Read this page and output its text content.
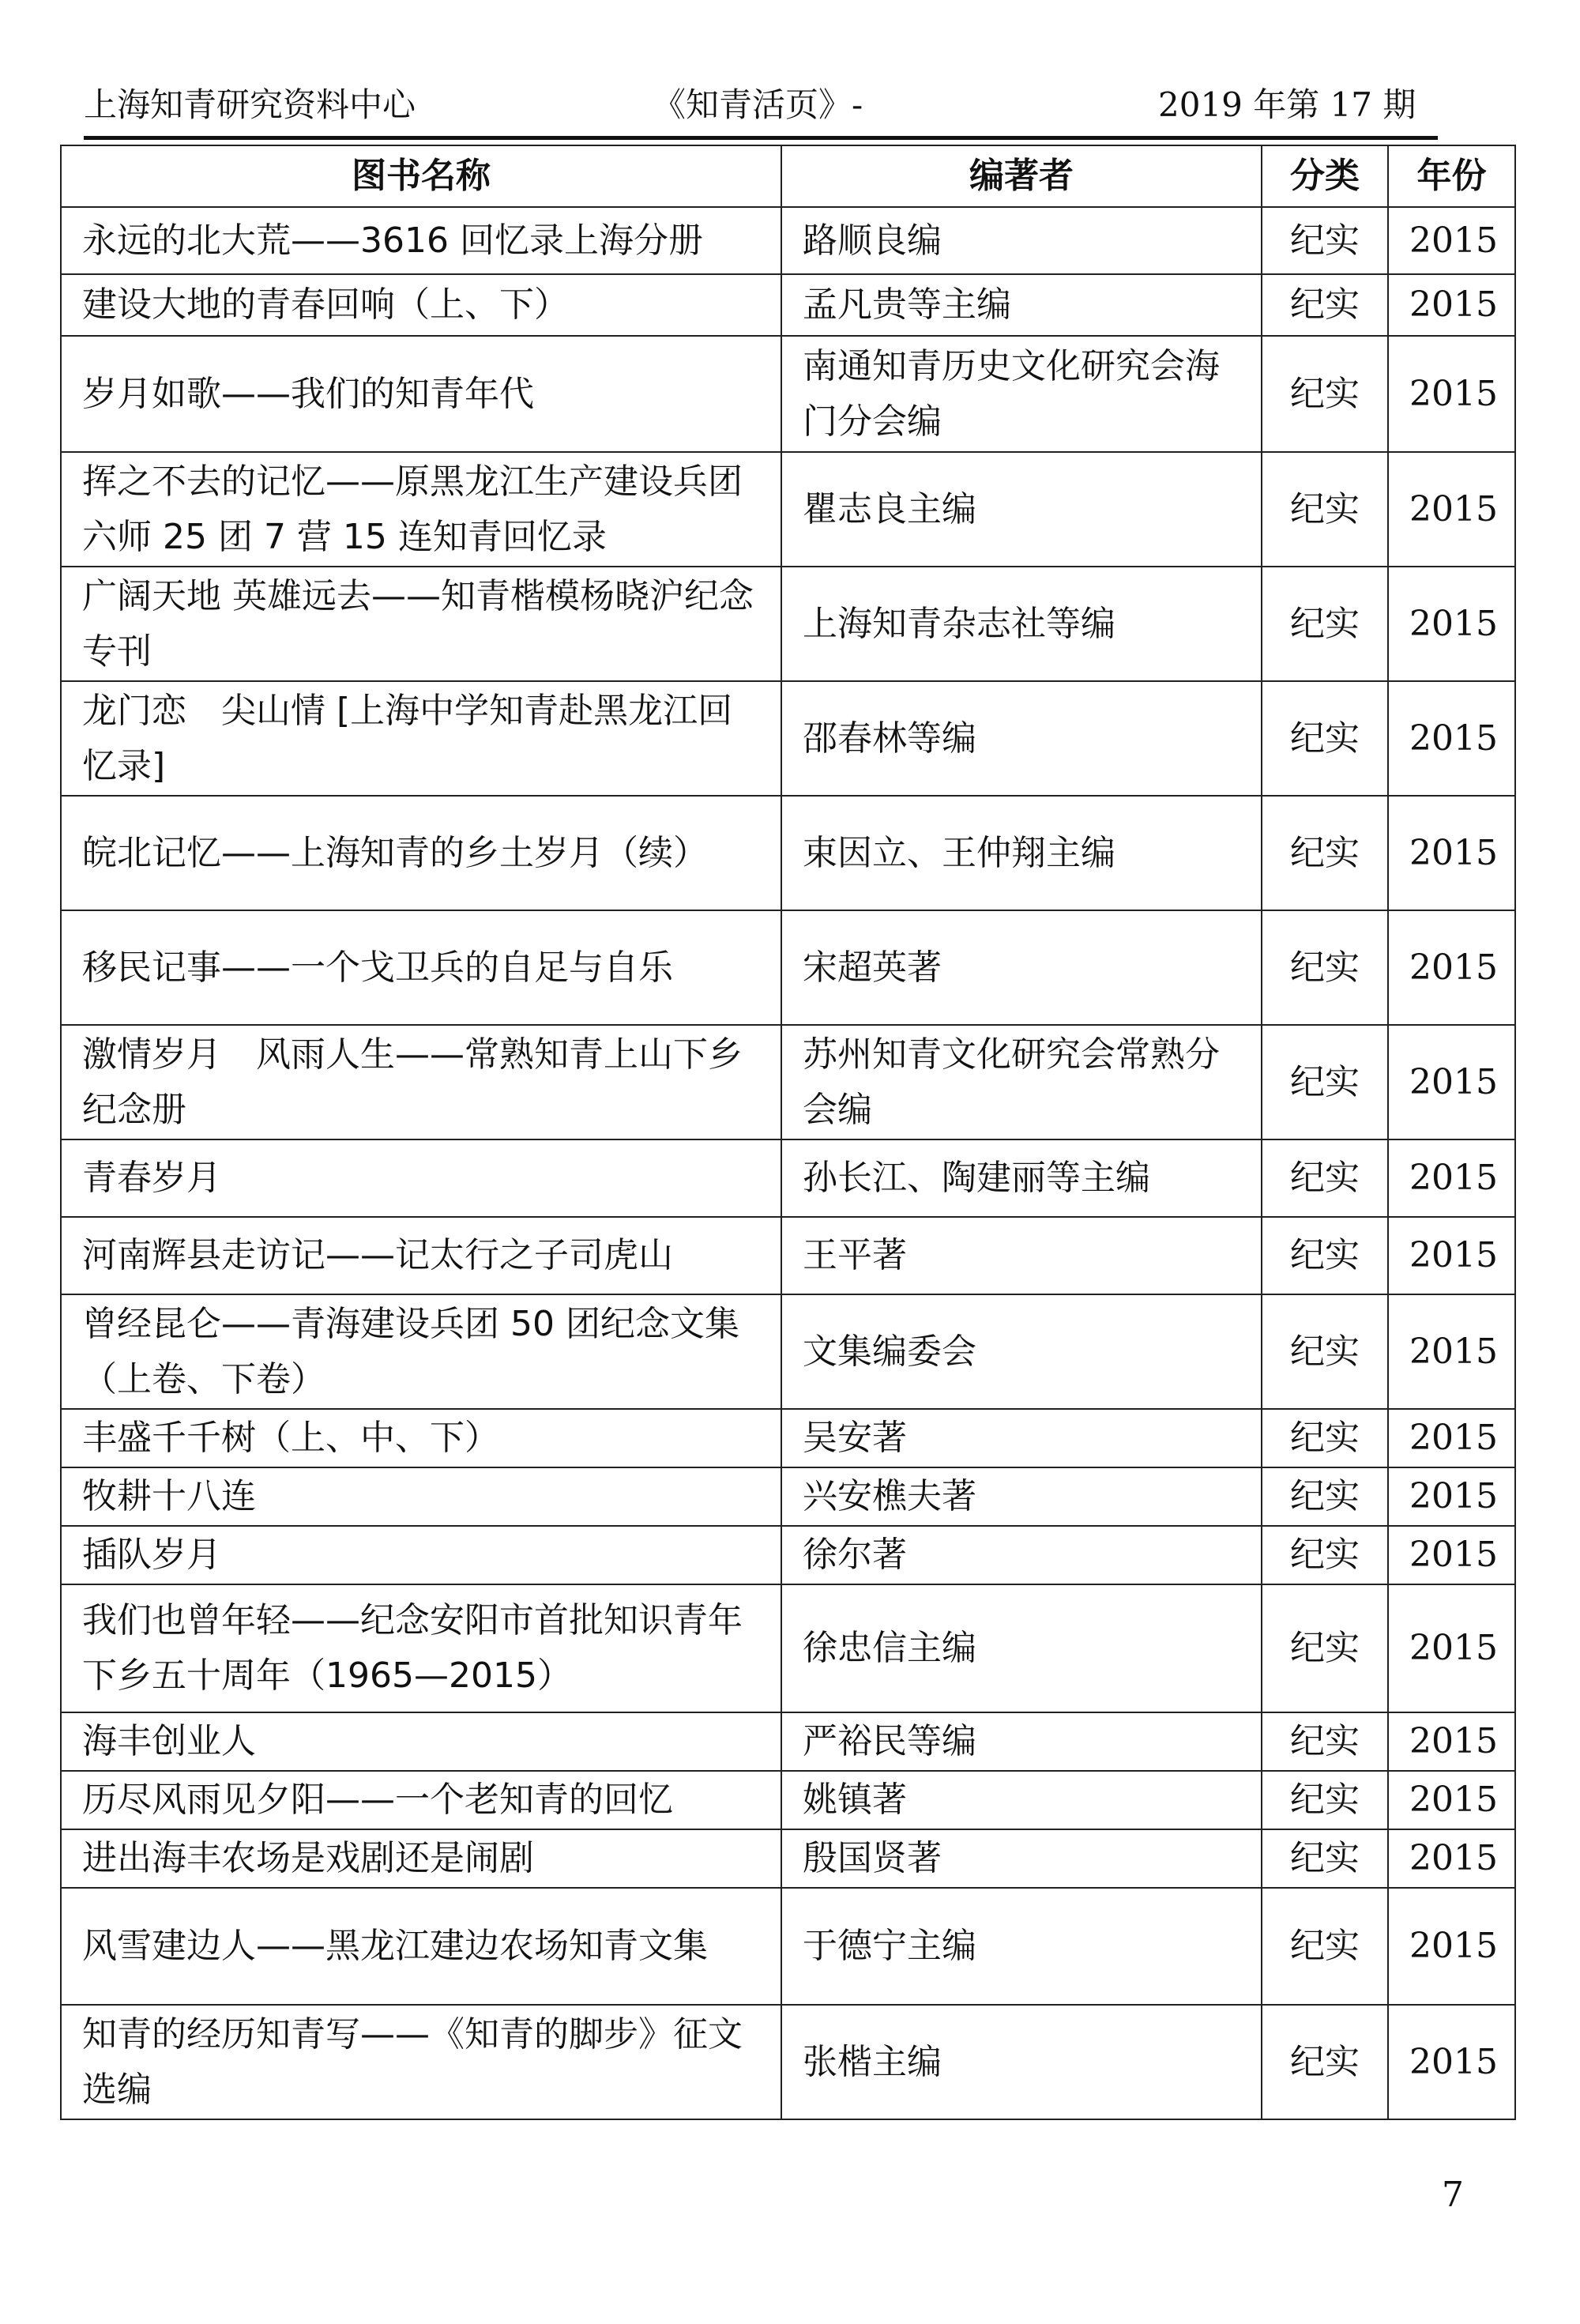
上海知青研究资料中心	《知青活页》-	2019 年第 17 期
图书名称	编著者	分类	年份
永远的北大荒——3616 回忆录上海分册	路顺良编	纪实	2015
建设大地的青春回响（上、下）	孟凡贵等主编	纪实	2015
岁月如歌——我们的知青年代	南通知青历史文化研究会海门分会编	纪实	2015
挥之不去的记忆——原黑龙江生产建设兵团六师 25 团 7 营 15 连知青回忆录	瞿志良主编	纪实	2015
广阔天地 英雄远去——知青楷模杨晓沪纪念专刊	上海知青杂志社等编	纪实	2015
龙门恋　尖山情 [上海中学知青赴黑龙江回忆录]	邵春林等编	纪实	2015
皖北记忆——上海知青的乡土岁月（续）	束因立、王仲翔主编	纪实	2015
移民记事——一个戈卫兵的自足与自乐	宋超英著	纪实	2015
激情岁月　风雨人生——常熟知青上山下乡纪念册	苏州知青文化研究会常熟分会编	纪实	2015
青春岁月	孙长江、陶建丽等主编	纪实	2015
河南辉县走访记——记太行之子司虎山	王平著	纪实	2015
曾经昆仑——青海建设兵团 50 团纪念文集（上卷、下卷）	文集编委会	纪实	2015
丰盛千千树（上、中、下）	吴安著	纪实	2015
牧耕十八连	兴安樵夫著	纪实	2015
插队岁月	徐尔著	纪实	2015
我们也曾年轻——纪念安阳市首批知识青年下乡五十周年（1965—2015）	徐忠信主编	纪实	2015
海丰创业人	严裕民等编	纪实	2015
历尽风雨见夕阳——一个老知青的回忆	姚镇著	纪实	2015
进出海丰农场是戏剧还是闹剧	殷国贤著	纪实	2015
风雪建边人——黑龙江建边农场知青文集	于德宁主编	纪实	2015
知青的经历知青写——《知青的脚步》征文选编	张楷主编	纪实	2015
7
